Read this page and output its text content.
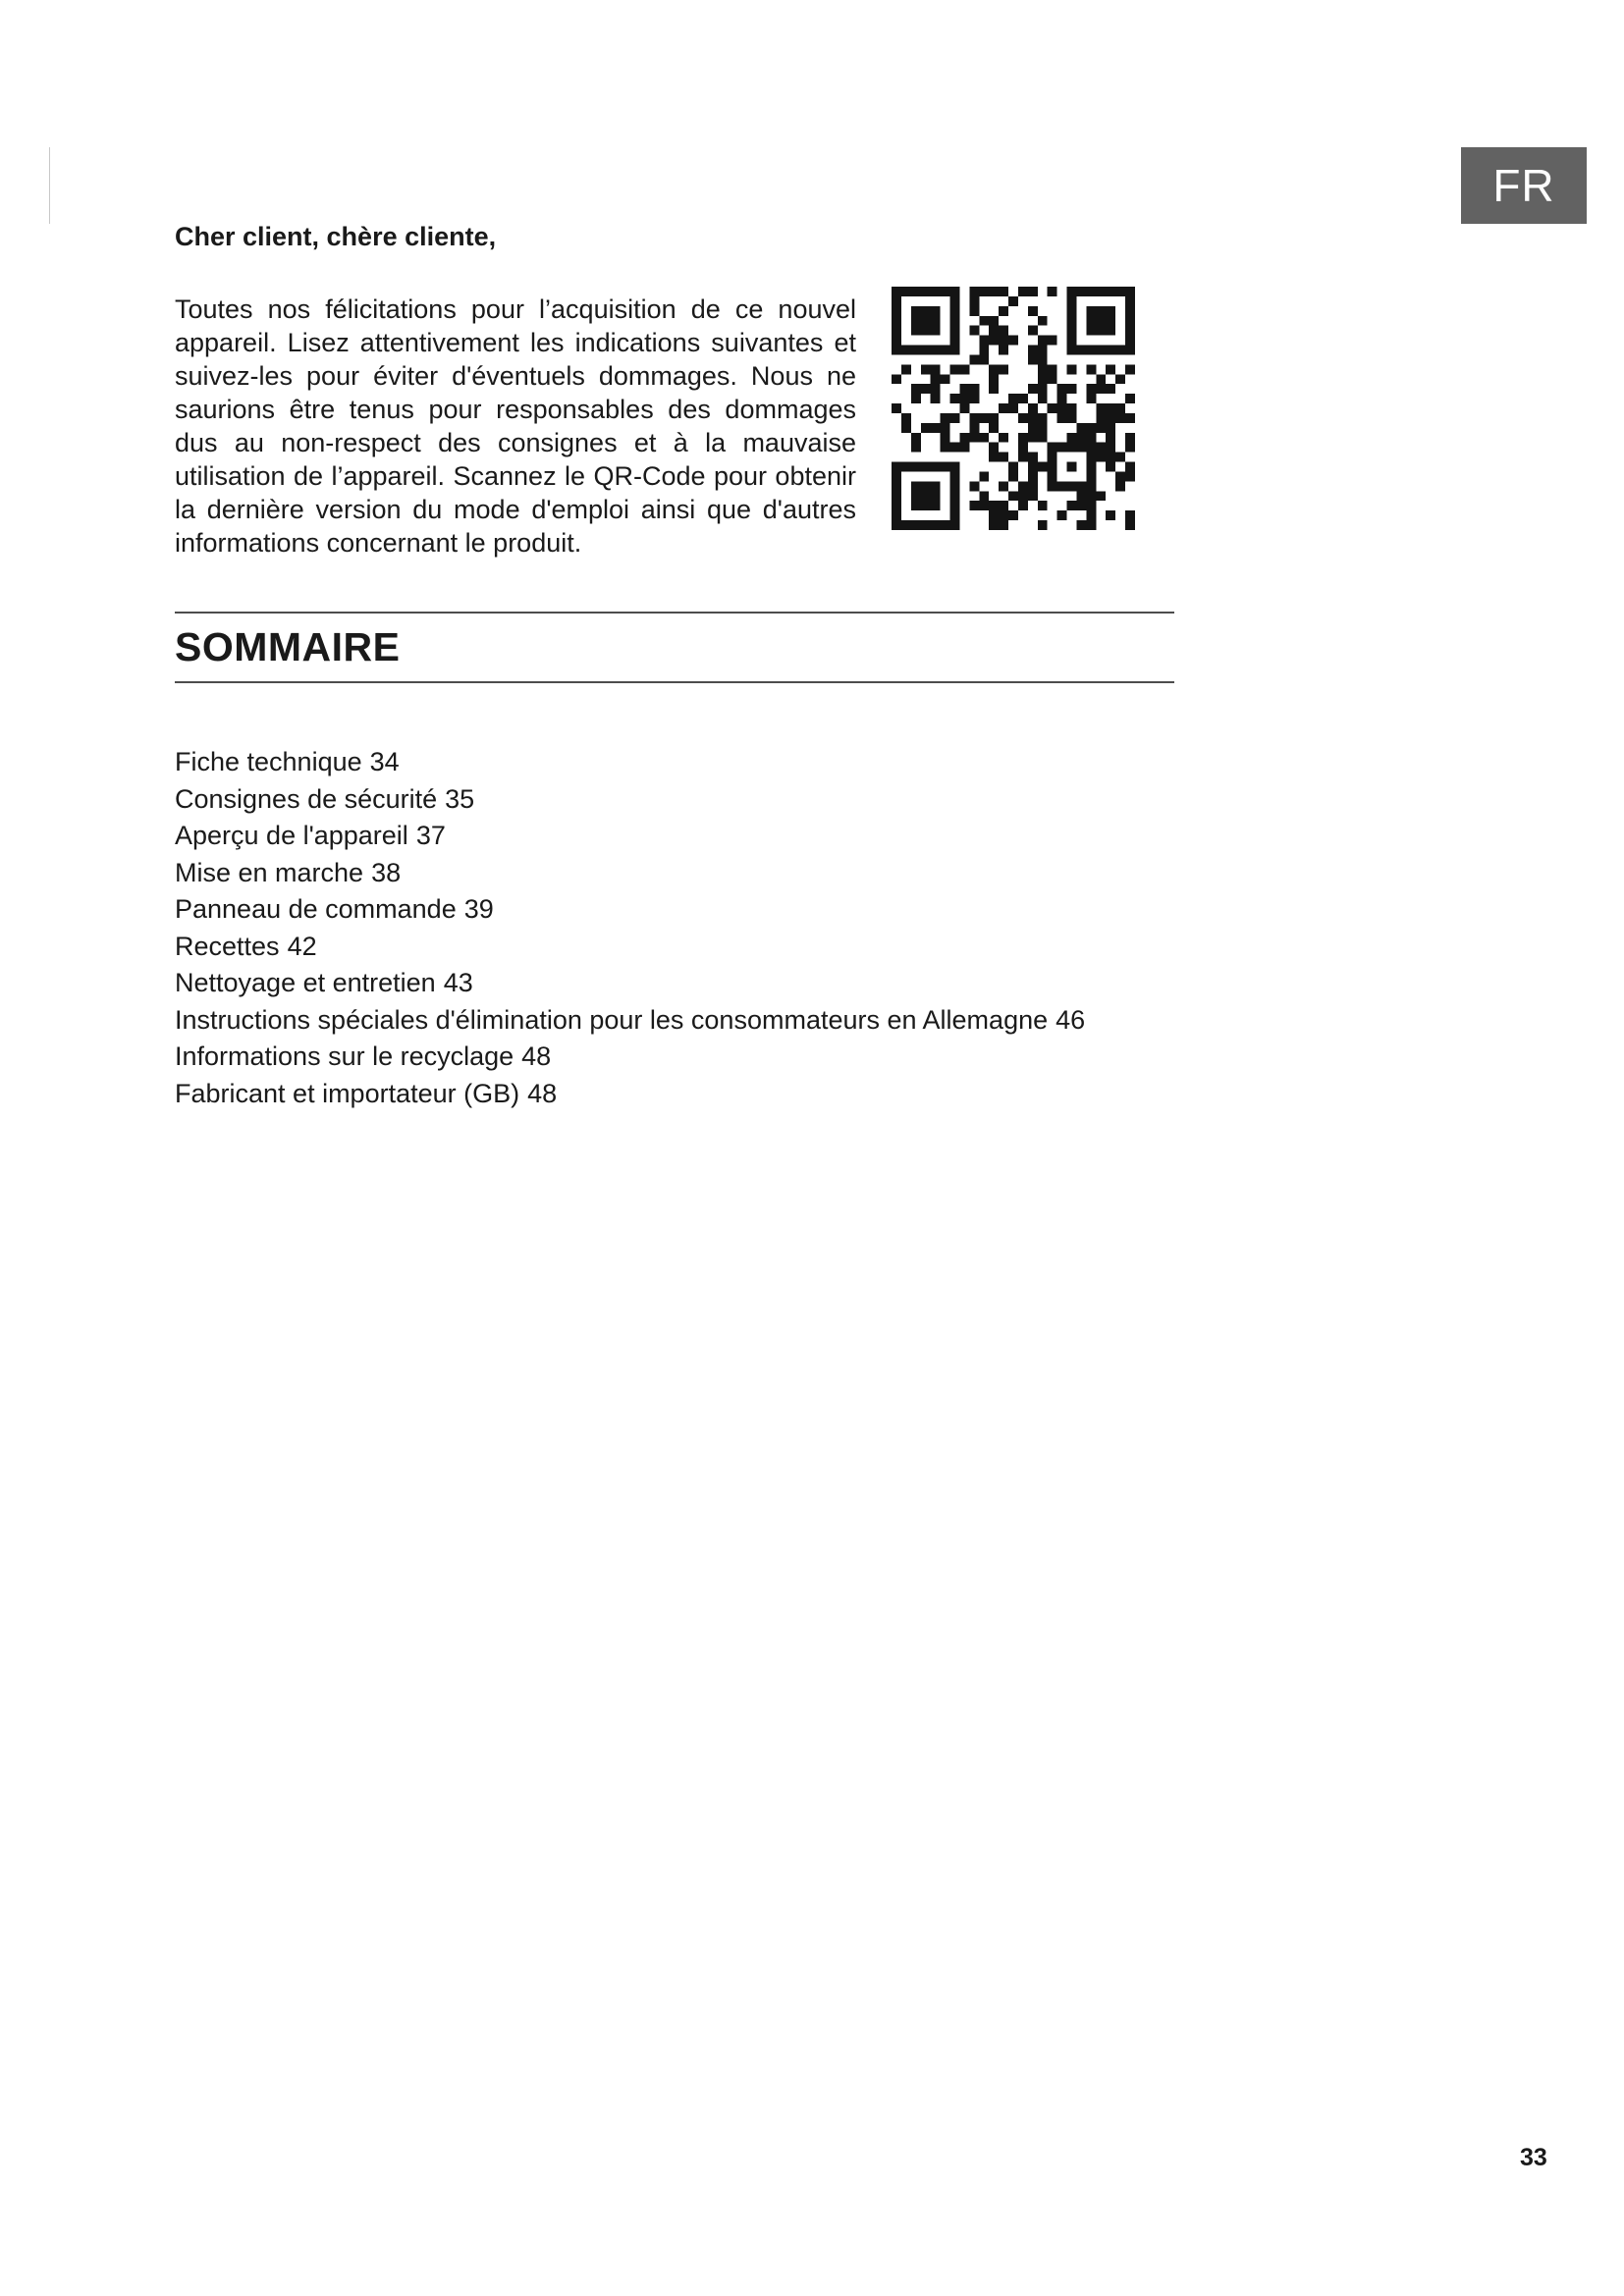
FR
Cher client, chère cliente,

Toutes nos félicitations pour l’acquisition de ce nouvel appareil. Lisez attentivement les indications suivantes et suivez-les pour éviter d'éventuels dommages. Nous ne saurions être tenus pour responsables des dommages dus au non-respect des consignes et à la mauvaise utilisation de l’appareil. Scannez le QR-Code pour obtenir la dernière version du mode d'emploi ainsi que d'autres informations concernant le produit.

SOMMAIRE
Fiche technique 34
Consignes de sécurité 35
Aperçu de l'appareil 37
Mise en marche 38
Panneau de commande 39
Recettes 42
Nettoyage et entretien 43
Instructions spéciales d'élimination pour les consommateurs en Allemagne 46
Informations sur le recyclage 48
Fabricant et importateur (GB) 48
33
